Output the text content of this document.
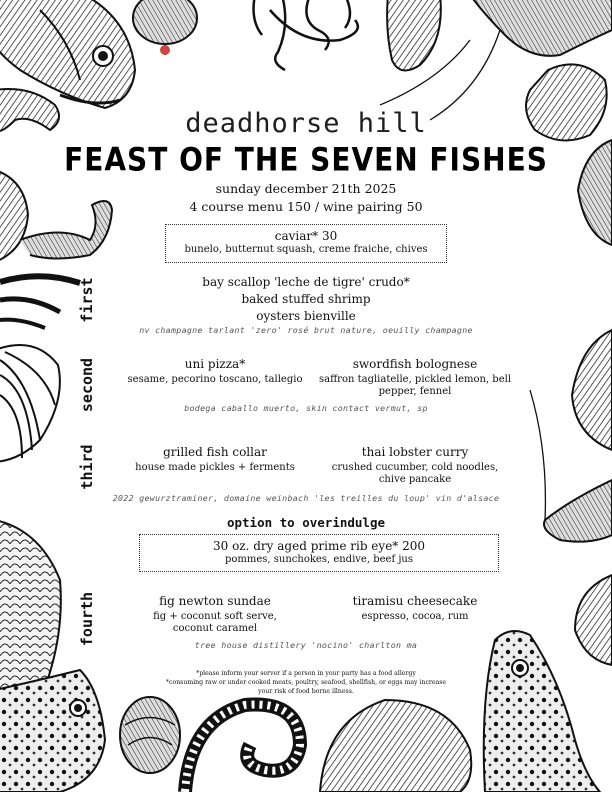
deadhorse hill
FEAST OF THE SEVEN FISHES
sunday december 21th 2025
4 course menu 150 / wine pairing 50
caviar* 30
bunelo, butternut squash, creme fraiche, chives
first	bay scallop 'leche de tigre' crudo*
baked stuffed shrimp
oysters bienville
nv champagne tarlant 'zero' rosé brut nature, oeuilly champagne
second	uni pizza*
sesame, pecorino toscano, tallegio
swordfish bolognese
saffron tagliatelle, pickled lemon, bell pepper, fennel
bodega caballo muerto, skin contact vermut, sp
third	grilled fish collar
house made pickles + ferments
thai lobster curry
crushed cucumber, cold noodles, chive pancake
2022 gewurztraminer, domaine weinbach 'les treilles du loup' vin d'alsace
option to overindulge
30 oz. dry aged prime rib eye* 200
pommes, sunchokes, endive, beef jus
fourth	fig newton sundae
fig + coconut soft serve, coconut caramel
tiramisu cheesecake
espresso, cocoa, rum
tree house distillery 'nocino' charlton ma
*please inform your server if a person in your party has a food allergy
*consuming raw or under cooked meats, poultry, seafood, shellfish, or eggs may increase
your risk of food borne illness.
